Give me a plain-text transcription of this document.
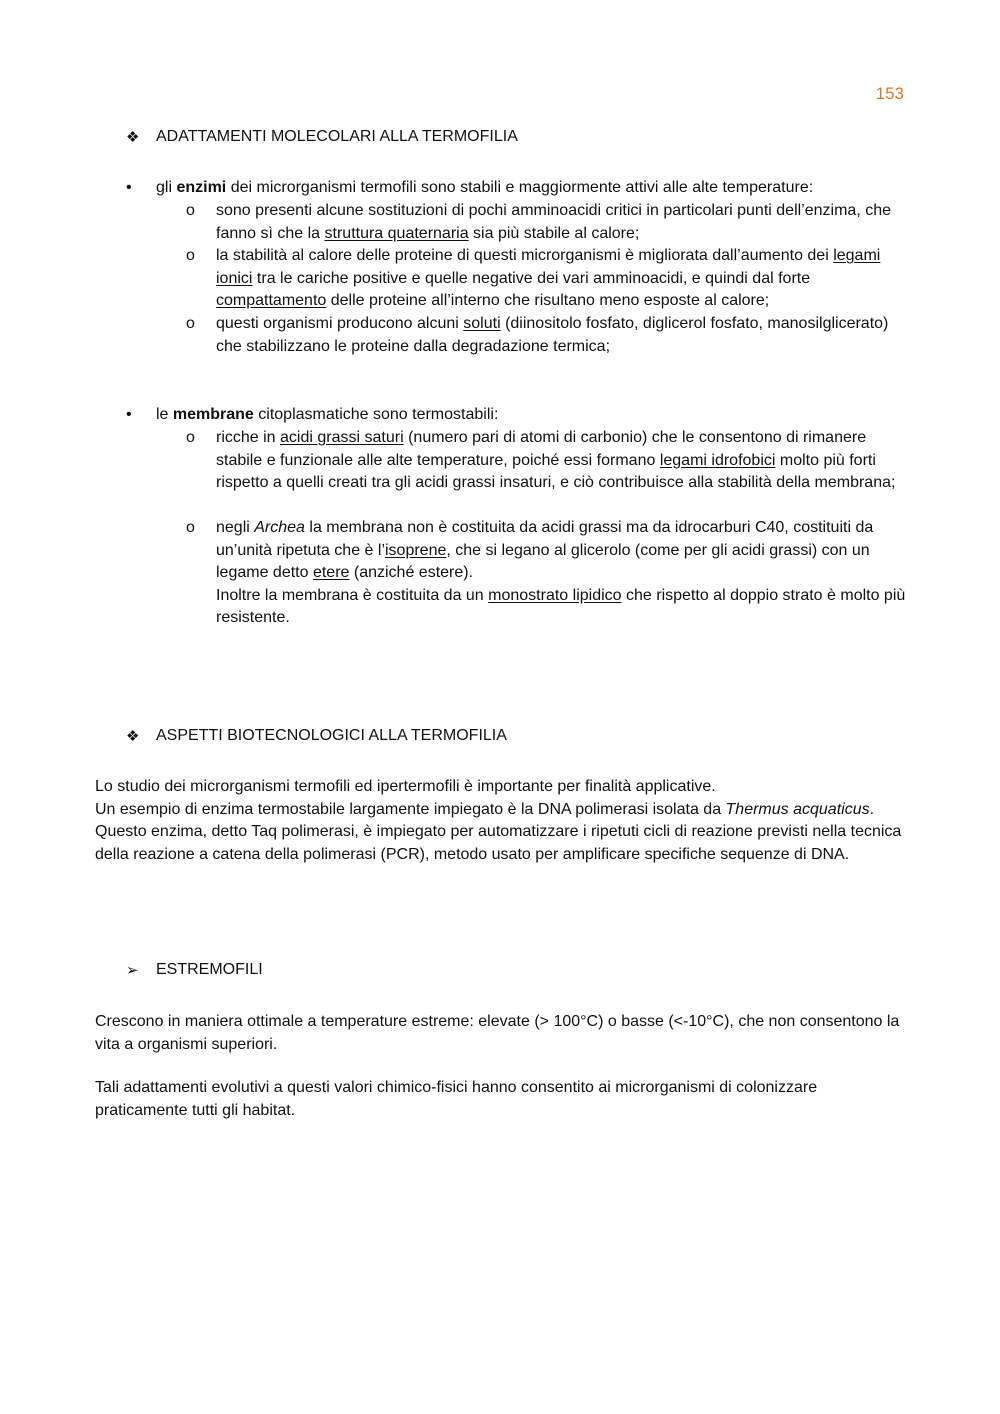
153
❖	ADATTAMENTI MOLECOLARI ALLA TERMOFILIA
•	gli enzimi dei microrganismi termofili sono stabili e maggiormente attivi alle alte temperature:
o	sono presenti alcune sostituzioni di pochi amminoacidi critici in particolari punti dell’enzima, che fanno sì che la struttura quaternaria sia più stabile al calore;
o	la stabilità al calore delle proteine di questi microrganismi è migliorata dall’aumento dei legami ionici tra le cariche positive e quelle negative dei vari amminoacidi, e quindi dal forte compattamento delle proteine all’interno che risultano meno esposte al calore;
o	questi organismi producono alcuni soluti (diinositolo fosfato, diglicerol fosfato, manosilglicerato) che stabilizzano le proteine dalla degradazione termica;
•	le membrane citoplasmatiche sono termostabili:
o	ricche in acidi grassi saturi (numero pari di atomi di carbonio) che le consentono di rimanere stabile e funzionale alle alte temperature, poiché essi formano legami idrofobici molto più forti rispetto a quelli creati tra gli acidi grassi insaturi, e ciò contribuisce alla stabilità della membrana;
o	negli Archea la membrana non è costituita da acidi grassi ma da idrocarburi C40, costituiti da un’unità ripetuta che è l’isoprene, che si legano al glicerolo (come per gli acidi grassi) con un legame detto etere (anziché estere).
Inoltre la membrana è costituita da un monostrato lipidico che rispetto al doppio strato è molto più resistente.
❖	ASPETTI BIOTECNOLOGICI ALLA TERMOFILIA
Lo studio dei microrganismi termofili ed ipertermofili è importante per finalità applicative.
Un esempio di enzima termostabile largamente impiegato è la DNA polimerasi isolata da Thermus acquaticus. Questo enzima, detto Taq polimerasi, è impiegato per automatizzare i ripetuti cicli di reazione previsti nella tecnica della reazione a catena della polimerasi (PCR), metodo usato per amplificare specifiche sequenze di DNA.
➢	ESTREMOFILI
Crescono in maniera ottimale a temperature estreme: elevate (> 100°C) o basse (<-10°C), che non consentono la vita a organismi superiori.
Tali adattamenti evolutivi a questi valori chimico-fisici hanno consentito ai microrganismi di colonizzare praticamente tutti gli habitat.
